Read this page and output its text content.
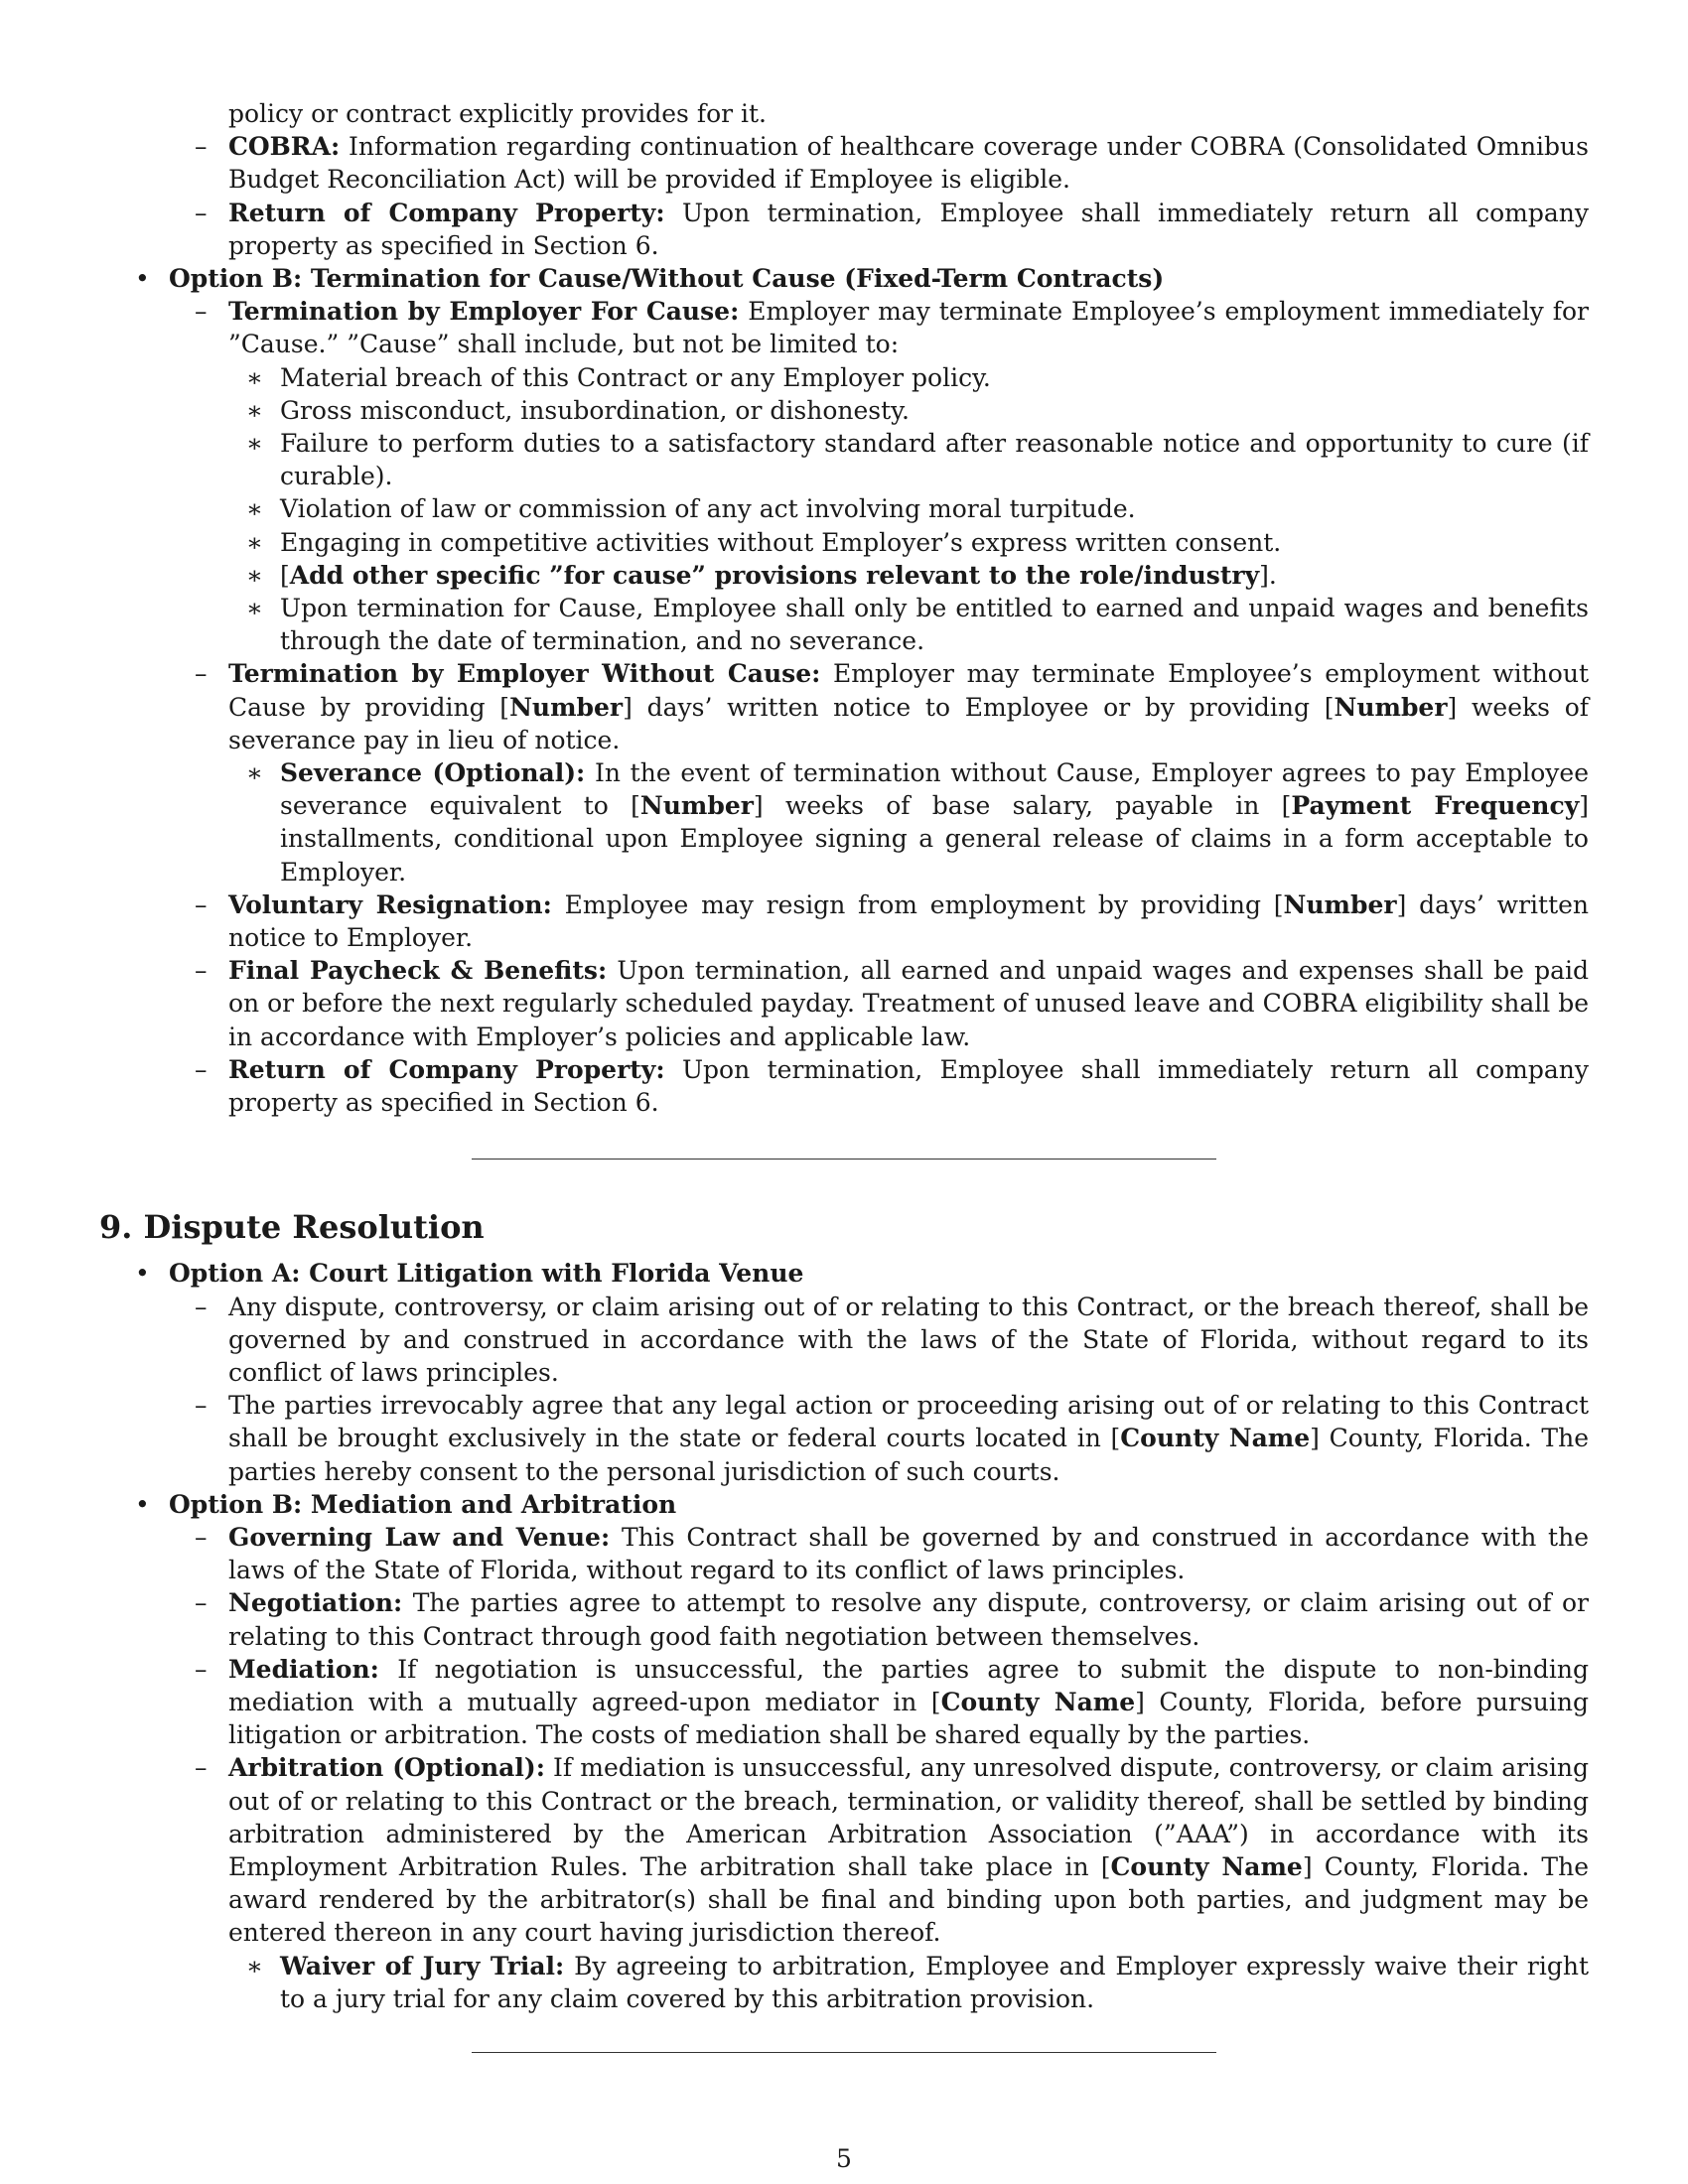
policy or contract explicitly provides for it.
– COBRA: Information regarding continuation of healthcare coverage under COBRA (Consolidated Omnibus Budget Reconciliation Act) will be provided if Employee is eligible.
– Return of Company Property: Upon termination, Employee shall immediately return all company property as specified in Section 6.
• Option B: Termination for Cause/Without Cause (Fixed-Term Contracts)
– Termination by Employer For Cause: Employer may terminate Employee’s employment immediately for ”Cause.” ”Cause” shall include, but not be limited to:
∗ Material breach of this Contract or any Employer policy.
∗ Gross misconduct, insubordination, or dishonesty.
∗ Failure to perform duties to a satisfactory standard after reasonable notice and opportunity to cure (if curable).
∗ Violation of law or commission of any act involving moral turpitude.
∗ Engaging in competitive activities without Employer’s express written consent.
∗ [Add other specific ”for cause” provisions relevant to the role/industry].
∗ Upon termination for Cause, Employee shall only be entitled to earned and unpaid wages and benefits through the date of termination, and no severance.
– Termination by Employer Without Cause: Employer may terminate Employee’s employment without Cause by providing [Number] days’ written notice to Employee or by providing [Number] weeks of severance pay in lieu of notice.
∗ Severance (Optional): In the event of termination without Cause, Employer agrees to pay Employee severance equivalent to [Number] weeks of base salary, payable in [Payment Frequency] installments, conditional upon Employee signing a general release of claims in a form acceptable to Employer.
– Voluntary Resignation: Employee may resign from employment by providing [Number] days’ written notice to Employer.
– Final Paycheck & Benefits: Upon termination, all earned and unpaid wages and expenses shall be paid on or before the next regularly scheduled payday. Treatment of unused leave and COBRA eligibility shall be in accordance with Employer’s policies and applicable law.
– Return of Company Property: Upon termination, Employee shall immediately return all company property as specified in Section 6.
9. Dispute Resolution
• Option A: Court Litigation with Florida Venue
– Any dispute, controversy, or claim arising out of or relating to this Contract, or the breach thereof, shall be governed by and construed in accordance with the laws of the State of Florida, without regard to its conflict of laws principles.
– The parties irrevocably agree that any legal action or proceeding arising out of or relating to this Contract shall be brought exclusively in the state or federal courts located in [County Name] County, Florida. The parties hereby consent to the personal jurisdiction of such courts.
• Option B: Mediation and Arbitration
– Governing Law and Venue: This Contract shall be governed by and construed in accordance with the laws of the State of Florida, without regard to its conflict of laws principles.
– Negotiation: The parties agree to attempt to resolve any dispute, controversy, or claim arising out of or relating to this Contract through good faith negotiation between themselves.
– Mediation: If negotiation is unsuccessful, the parties agree to submit the dispute to non-binding mediation with a mutually agreed-upon mediator in [County Name] County, Florida, before pursuing litigation or arbitration. The costs of mediation shall be shared equally by the parties.
– Arbitration (Optional): If mediation is unsuccessful, any unresolved dispute, controversy, or claim arising out of or relating to this Contract or the breach, termination, or validity thereof, shall be settled by binding arbitration administered by the American Arbitration Association (”AAA”) in accordance with its Employment Arbitration Rules. The arbitration shall take place in [County Name] County, Florida. The award rendered by the arbitrator(s) shall be final and binding upon both parties, and judgment may be entered thereon in any court having jurisdiction thereof.
∗ Waiver of Jury Trial: By agreeing to arbitration, Employee and Employer expressly waive their right to a jury trial for any claim covered by this arbitration provision.
5
